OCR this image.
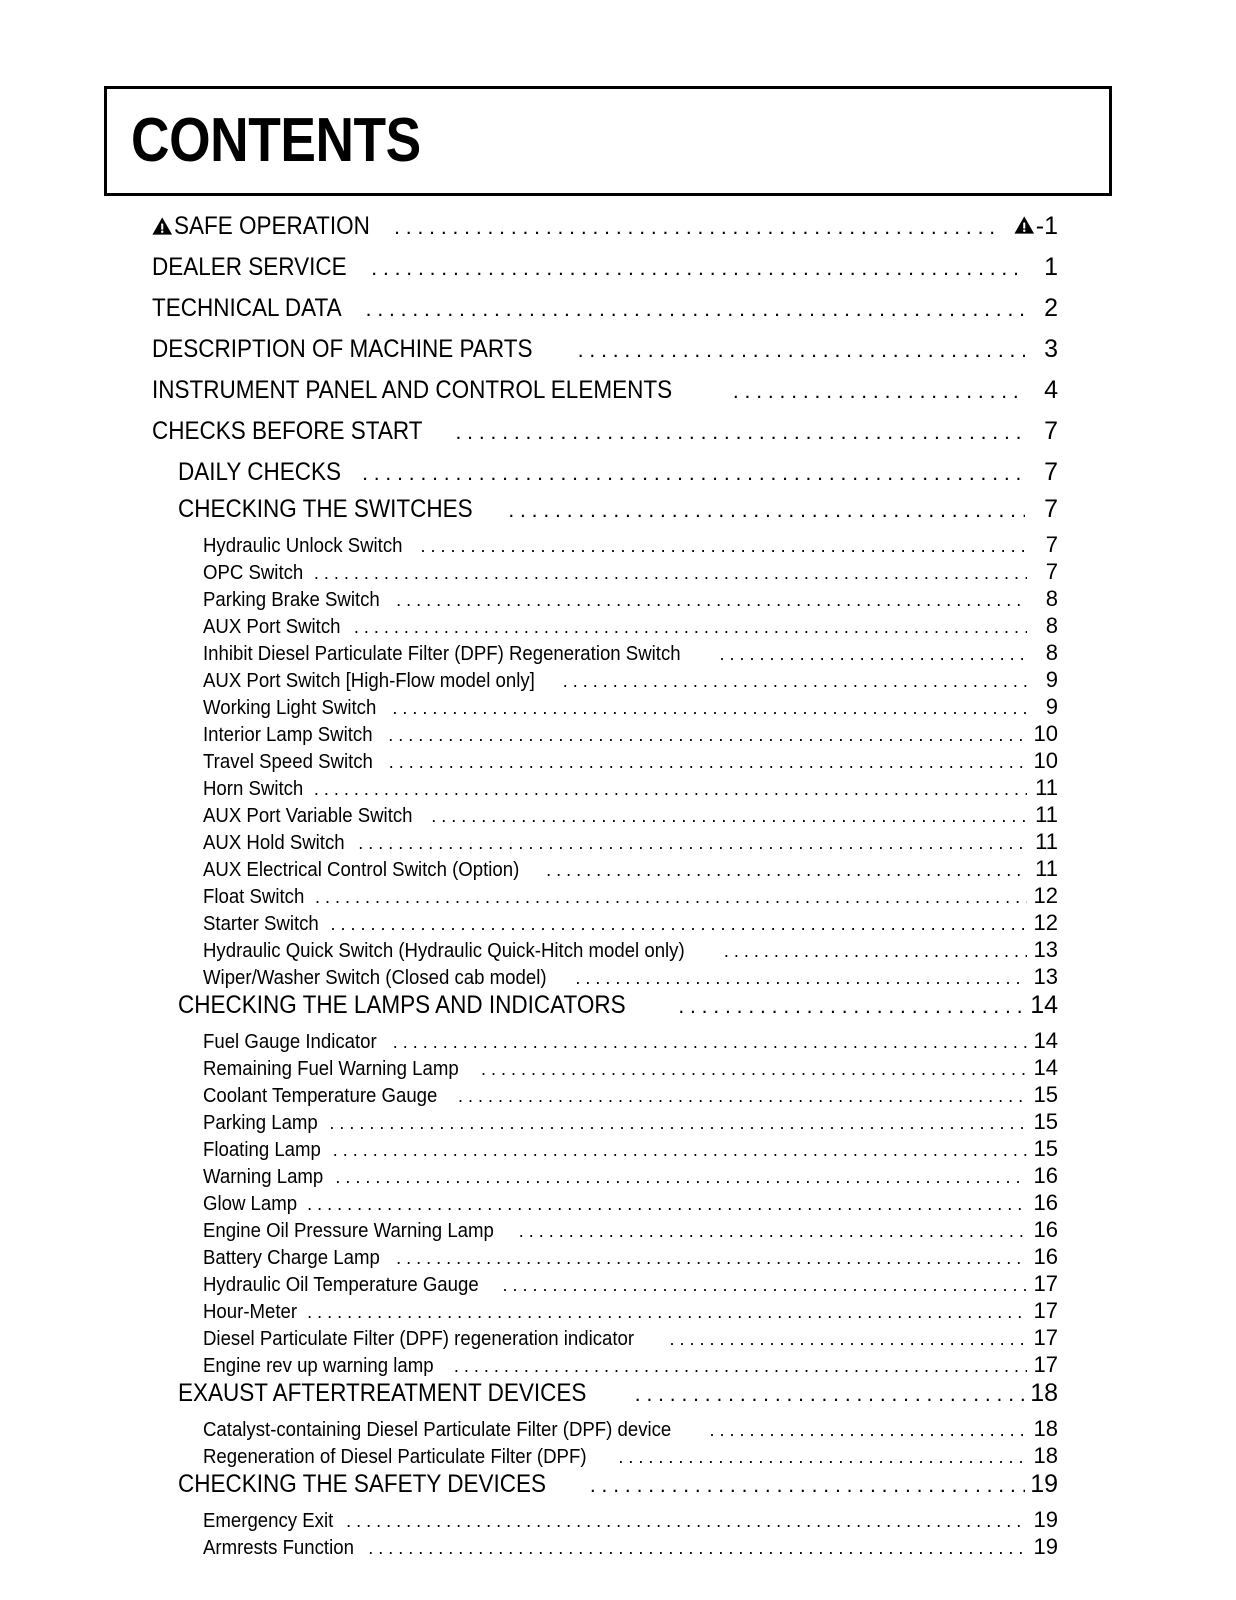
CONTENTS
SAFE OPERATION . . .	-1
DEALER SERVICE . . .	1
TECHNICAL DATA . . .	2
DESCRIPTION OF MACHINE PARTS . . .	3
INSTRUMENT PANEL AND CONTROL ELEMENTS . . .	4
CHECKS BEFORE START . . .	7
DAILY CHECKS . . .	7
CHECKING THE SWITCHES . . .	7
Hydraulic Unlock Switch . . .	7
OPC Switch . . .	7
Parking Brake Switch . . .	8
AUX Port Switch . . .	8
Inhibit Diesel Particulate Filter (DPF) Regeneration Switch . . .	8
AUX Port Switch [High-Flow model only] . . .	9
Working Light Switch . . .	9
Interior Lamp Switch . . .	10
Travel Speed Switch . . .	10
Horn Switch . . .	11
AUX Port Variable Switch . . .	11
AUX Hold Switch . . .	11
AUX Electrical Control Switch (Option) . . .	11
Float Switch . . .	12
Starter Switch . . .	12
Hydraulic Quick Switch (Hydraulic Quick-Hitch model only) . . .	13
Wiper/Washer Switch (Closed cab model) . . .	13
CHECKING THE LAMPS AND INDICATORS . . .	14
Fuel Gauge Indicator . . .	14
Remaining Fuel Warning Lamp . . .	14
Coolant Temperature Gauge . . .	15
Parking Lamp . . .	15
Floating Lamp . . .	15
Warning Lamp . . .	16
Glow Lamp . . .	16
Engine Oil Pressure Warning Lamp . . .	16
Battery Charge Lamp . . .	16
Hydraulic Oil Temperature Gauge . . .	17
Hour-Meter . . .	17
Diesel Particulate Filter (DPF) regeneration indicator . . .	17
Engine rev up warning lamp . . .	17
EXAUST AFTERTREATMENT DEVICES . . .	18
Catalyst-containing Diesel Particulate Filter (DPF) device . . .	18
Regeneration of Diesel Particulate Filter (DPF) . . .	18
CHECKING THE SAFETY DEVICES . . .	19
Emergency Exit . . .	19
Armrests Function . . .	19
